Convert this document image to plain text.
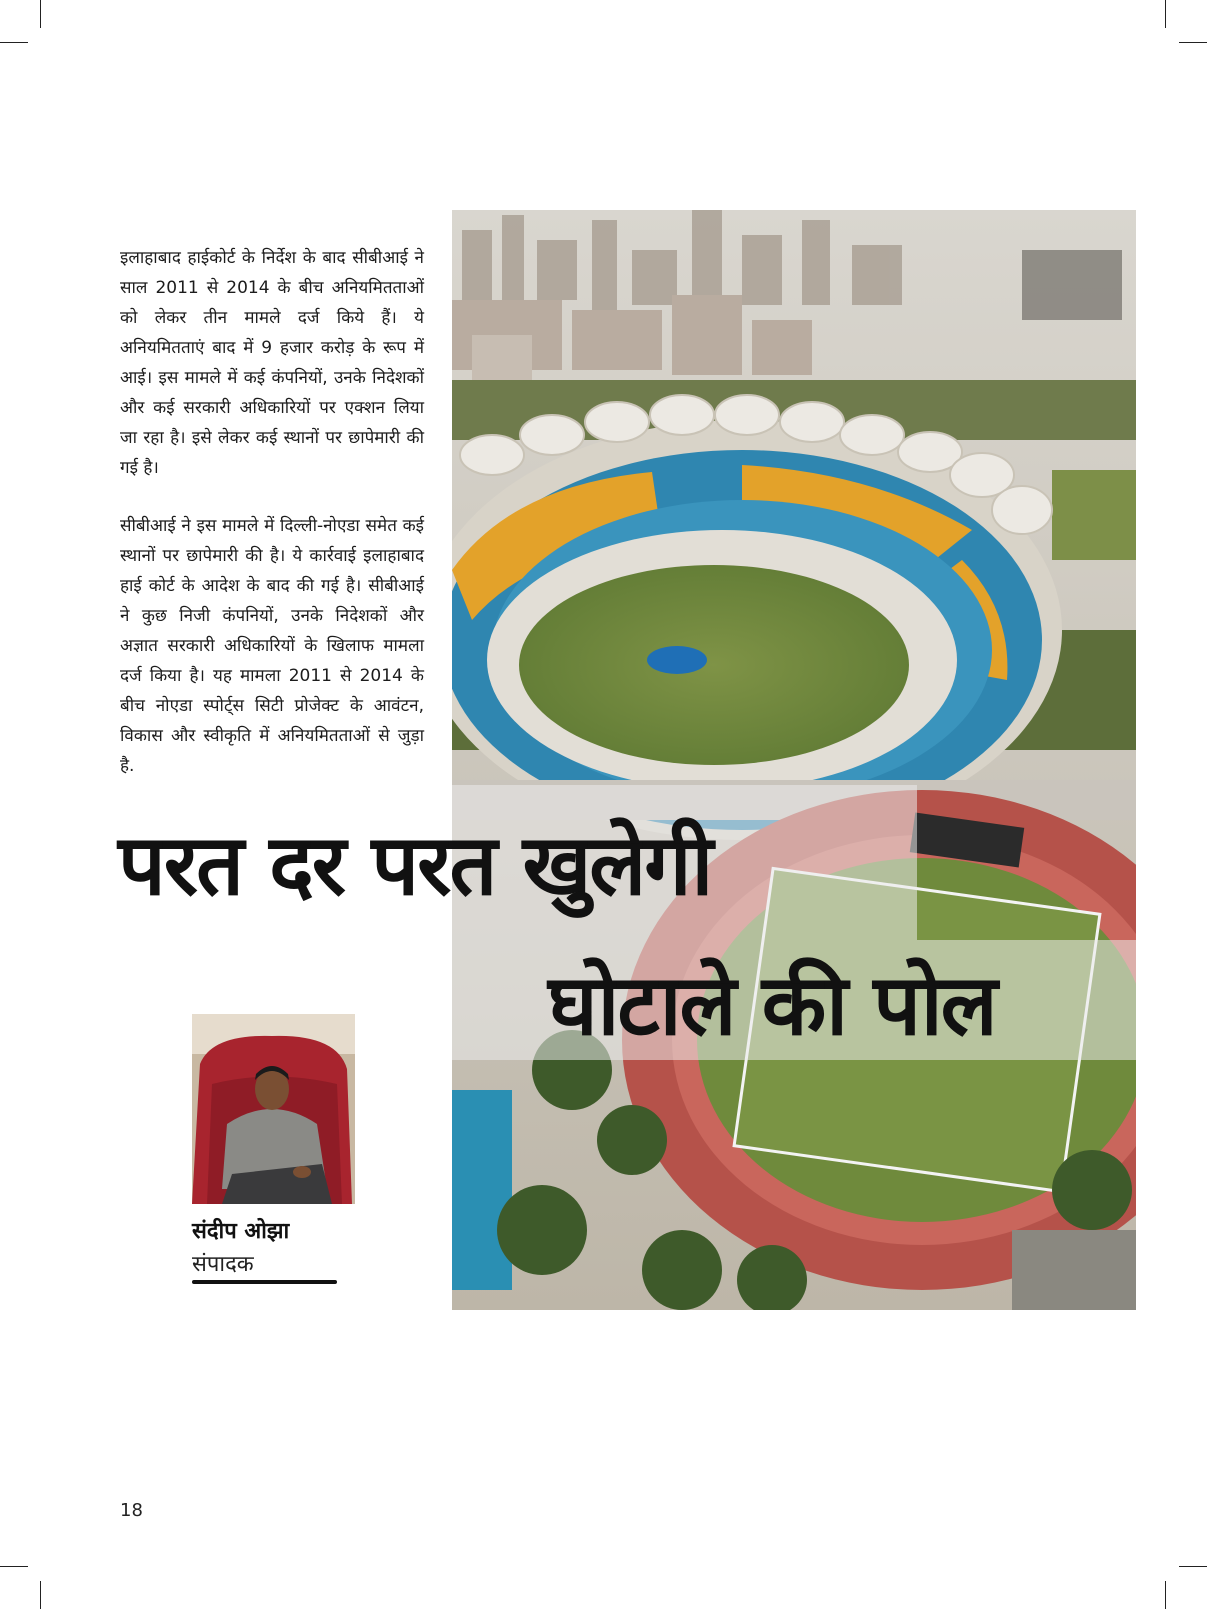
इलाहाबाद हाईकोर्ट के निर्देश के बाद सीबीआई ने साल 2011 से 2014 के बीच अनियमितताओं को लेकर तीन मामले दर्ज किये हैं। ये अनियमितताएं बाद में 9 हजार करोड़ के रूप में आई। इस मामले में कई कंपनियों, उनके निदेशकों और कई सरकारी अधिकारियों पर एक्शन लिया जा रहा है। इसे लेकर कई स्थानों पर छापेमारी की गई है।

सीबीआई ने इस मामले में दिल्ली-नोएडा समेत कई स्थानों पर छापेमारी की है। ये कार्रवाई इलाहाबाद हाई कोर्ट के आदेश के बाद की गई है। सीबीआई ने कुछ निजी कंपनियों, उनके निदेशकों और अज्ञात सरकारी अधिकारियों के खिलाफ मामला दर्ज किया है। यह मामला 2011 से 2014 के बीच नोएडा स्पोर्ट्स सिटी प्रोजेक्ट के आवंटन, विकास और स्वीकृति में अनियमितताओं से जुड़ा है.

परत दर परत खुलेगी
घोटाले की पोल
संदीप ओझा
संपादक
18
